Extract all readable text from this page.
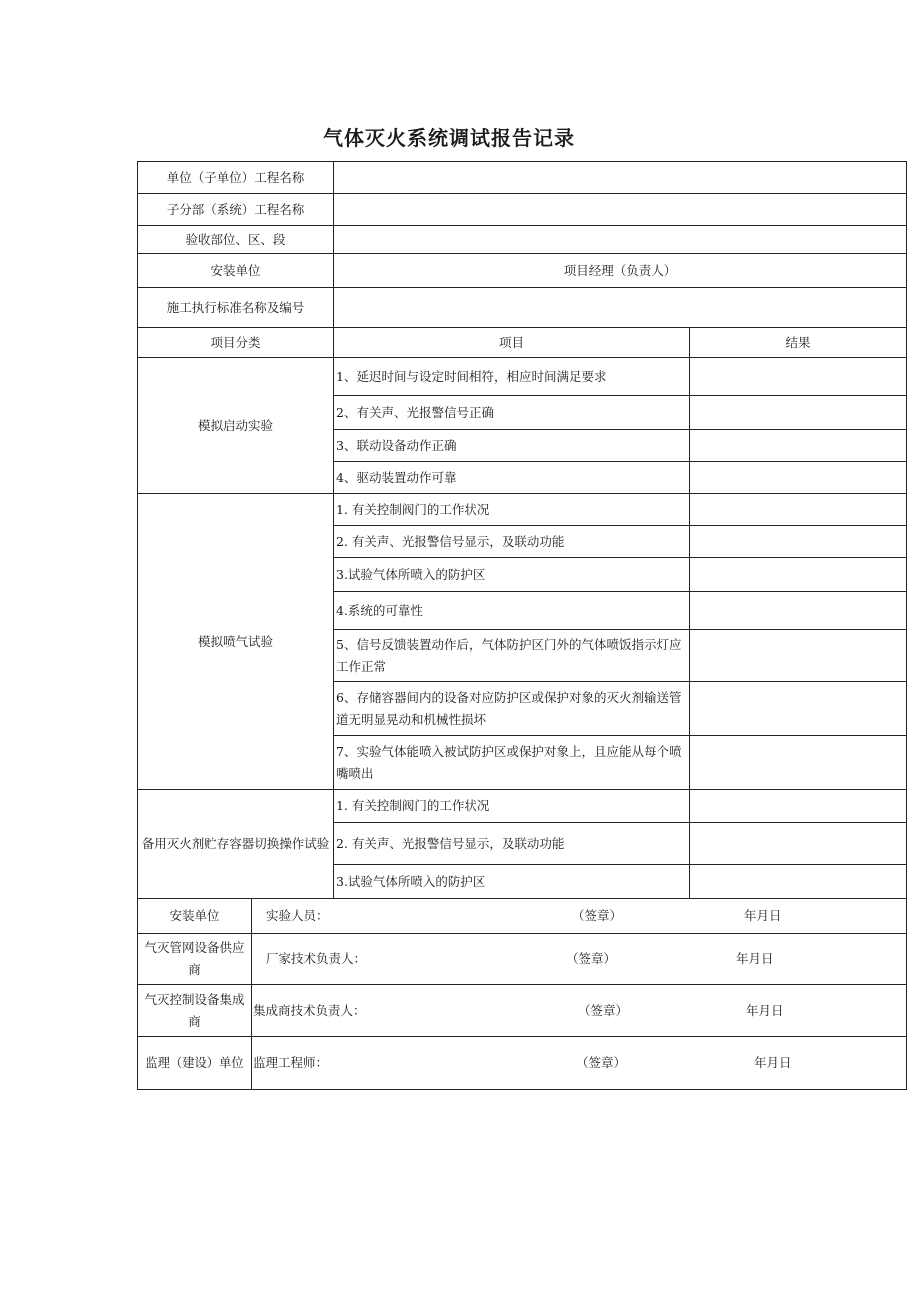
气体灭火系统调试报告记录
单位（子单位）工程名称		
子分部（系统）工程名称		
验收部位、区、段		
安装单位	项目经理（负责人）	
施工执行标准名称及编号		
项目分类	项目	结果
模拟启动实验	1、延迟时间与设定时间相符，相应时间满足要求	
	2、有关声、光报警信号正确	
	3、联动设备动作正确	
	4、驱动装置动作可靠	
模拟喷气试验	1. 有关控制阀门的工作状况	
	2. 有关声、光报警信号显示，及联动功能	
	3.试验气体所喷入的防护区	
	4.系统的可靠性	
	5、信号反馈装置动作后，气体防护区门外的气体喷饭指示灯应工作正常	
	6、存储容器间内的设备对应防护区或保护对象的灭火剂输送管道无明显晃动和机械性损坏	
	7、实验气体能喷入被试防护区或保护对象上，且应能从每个喷嘴喷出	
备用灭火剂贮存容器切换操作试验	1. 有关控制阀门的工作状况	
	2. 有关声、光报警信号显示，及联动功能	
	3.试验气体所喷入的防护区	
安装单位	实验人员： （签章） 年月日

气灭管网设备供应商	厂家技术负责人： （签章） 年月日

气灭控制设备集成商	集成商技术负责人： （签章） 年月日

监理（建设）单位	监理工程师： （签章） 年月日
